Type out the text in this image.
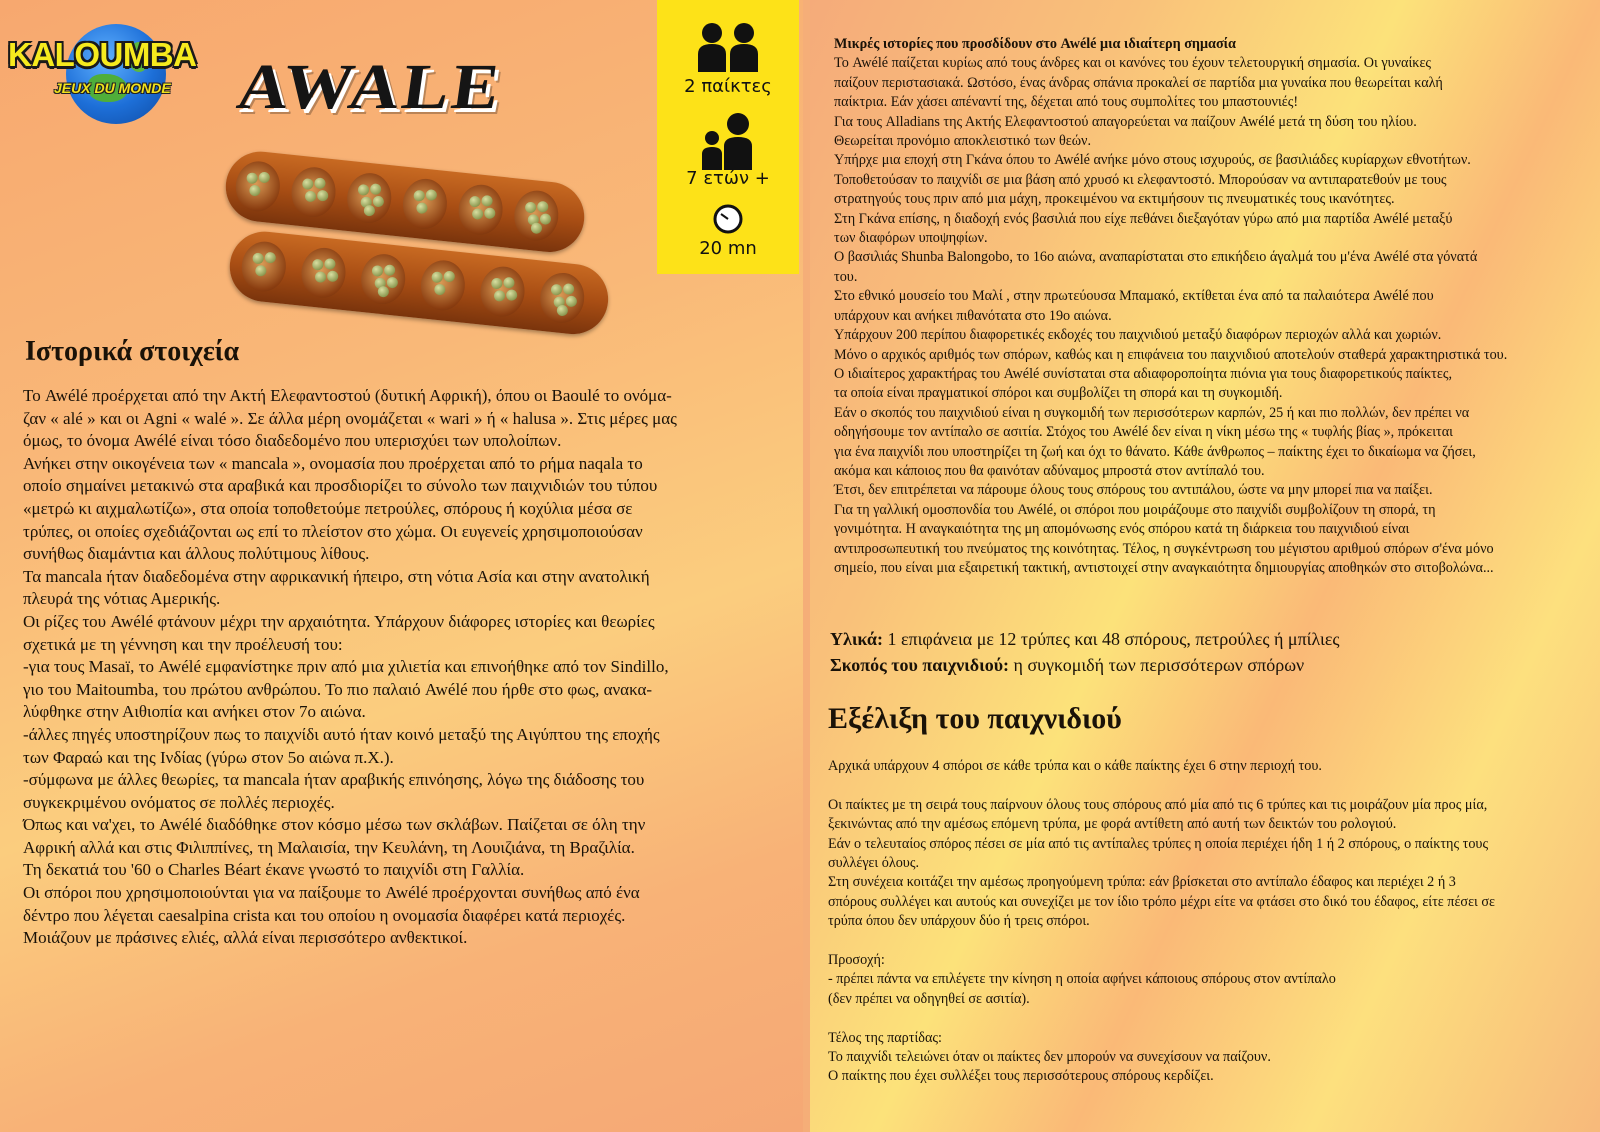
KALOUMBA
JEUX DU MONDE AWALE	2 παίκτες
7 ετών +
20 mn
Ιστορικά στοιχεία

Το Awélé προέρχεται από την Ακτή Ελεφαντοστού (δυτική Αφρική), όπου οι Baoulé το ονόμα-

ζαν « alé » και οι Agni « walé ». Σε άλλα μέρη ονομάζεται « wari » ή « halusa ». Στις μέρες μας

όμως, το όνομα Awélé είναι τόσο διαδεδομένο που υπερισχύει των υπολοίπων.

Ανήκει στην οικογένεια των « mancala », ονομασία που προέρχεται από το ρήμα naqala το

οποίο σημαίνει μετακινώ στα αραβικά και προσδιορίζει το σύνολο των παιχνιδιών του τύπου

«μετρώ κι αιχμαλωτίζω», στα οποία τοποθετούμε πετρούλες, σπόρους ή κοχύλια μέσα σε

τρύπες, οι οποίες σχεδιάζονται ως επί το πλείστον στο χώμα. Οι ευγενείς χρησιμοποιούσαν

συνήθως διαμάντια και άλλους πολύτιμους λίθους.

Τα mancala ήταν διαδεδομένα στην αφρικανική ήπειρο, στη νότια Ασία και στην ανατολική

πλευρά της νότιας Αμερικής.

Οι ρίζες του Awélé φτάνουν μέχρι την αρχαιότητα. Υπάρχουν διάφορες ιστορίες και θεωρίες

σχετικά με τη γέννηση και την προέλευσή του:

-για τους Masaï, το Awélé εμφανίστηκε πριν από μια χιλιετία και επινοήθηκε από τον Sindillo,

γιο του Maitoumba, του πρώτου ανθρώπου. Το πιο παλαιό Awélé που ήρθε στο φως, ανακα-

λύφθηκε στην Αιθιοπία και ανήκει στον 7ο αιώνα.

-άλλες πηγές υποστηρίζουν πως το παιχνίδι αυτό ήταν κοινό μεταξύ της Αιγύπτου της εποχής

των Φαραώ και της Ινδίας (γύρω στον 5ο αιώνα π.Χ.).

-σύμφωνα με άλλες θεωρίες, τα mancala ήταν αραβικής επινόησης, λόγω της διάδοσης του

συγκεκριμένου ονόματος σε πολλές περιοχές.

Όπως και να'χει, το Awélé διαδόθηκε στον κόσμο μέσω των σκλάβων. Παίζεται σε όλη την

Αφρική αλλά και στις Φιλιππίνες, τη Μαλαισία, την Κευλάνη, τη Λουιζιάνα, τη Βραζιλία.

Τη δεκατιά του '60 ο Charles Béart έκανε γνωστό το παιχνίδι στη Γαλλία.

Οι σπόροι που χρησιμοποιούνται για να παίξουμε το Awélé προέρχονται συνήθως από ένα

δέντρο που λέγεται caesalpina crista και του οποίου η ονομασία διαφέρει κατά περιοχές.

Μοιάζουν με πράσινες ελιές, αλλά είναι περισσότερο ανθεκτικοί.

Μικρές ιστορίες που προσδίδουν στο Awélé μια ιδιαίτερη σημασία

Το Awélé παίζεται κυρίως από τους άνδρες και οι κανόνες του έχουν τελετουργική σημασία. Οι γυναίκες

παίζουν περιστασιακά. Ωστόσο, ένας άνδρας σπάνια προκαλεί σε παρτίδα μια γυναίκα που θεωρείται καλή

παίκτρια. Εάν χάσει απέναντί της, δέχεται από τους συμπολίτες του μπαστουνιές!

Για τους Alladians της Ακτής Ελεφαντοστού απαγορεύεται να παίζουν Awélé μετά τη δύση του ηλίου.

Θεωρείται προνόμιο αποκλειστικό των θεών.

Υπήρχε μια εποχή στη Γκάνα όπου το Awélé ανήκε μόνο στους ισχυρούς, σε βασιλιάδες κυρίαρχων εθνοτήτων.

Τοποθετούσαν το παιχνίδι σε μια βάση από χρυσό κι ελεφαντοστό. Μπορούσαν να αντιπαρατεθούν με τους

στρατηγούς τους πριν από μια μάχη, προκειμένου να εκτιμήσουν τις πνευματικές τους ικανότητες.

Στη Γκάνα επίσης, η διαδοχή ενός βασιλιά που είχε πεθάνει διεξαγόταν γύρω από μια παρτίδα Awélé μεταξύ

των διαφόρων υποψηφίων.

Ο βασιλιάς Shunba Balongobo, το 16ο αιώνα, αναπαρίσταται στο επικήδειο άγαλμά του μ'ένα Awélé στα γόνατά

του.

Στο εθνικό μουσείο του Μαλί , στην πρωτεύουσα Μπαμακό, εκτίθεται ένα από τα παλαιότερα Awélé που

υπάρχουν και ανήκει πιθανότατα στο 19ο αιώνα.

Υπάρχουν 200 περίπου διαφορετικές εκδοχές του παιχνιδιού μεταξύ διαφόρων περιοχών αλλά και χωριών.

Μόνο ο αρχικός αριθμός των σπόρων, καθώς και η επιφάνεια του παιχνιδιού αποτελούν σταθερά χαρακτηριστικά του.

Ο ιδιαίτερος χαρακτήρας του Awélé συνίσταται στα αδιαφοροποίητα πιόνια για τους διαφορετικούς παίκτες,

τα οποία είναι πραγματικοί σπόροι και συμβολίζει τη σπορά και τη συγκομιδή.

Εάν ο σκοπός του παιχνιδιού είναι η συγκομιδή των περισσότερων καρπών, 25 ή και πιο πολλών, δεν πρέπει να

οδηγήσουμε τον αντίπαλο σε ασιτία. Στόχος του Awélé δεν είναι η νίκη μέσω της « τυφλής βίας », πρόκειται

για ένα παιχνίδι που υποστηρίζει τη ζωή και όχι το θάνατο. Κάθε άνθρωπος – παίκτης έχει το δικαίωμα να ζήσει,

ακόμα και κάποιος που θα φαινόταν αδύναμος μπροστά στον αντίπαλό του.

Έτσι, δεν επιτρέπεται να πάρουμε όλους τους σπόρους του αντιπάλου, ώστε να μην μπορεί πια να παίξει.

Για τη γαλλική ομοσπονδία του Awélé, οι σπόροι που μοιράζουμε στο παιχνίδι συμβολίζουν τη σπορά, τη

γονιμότητα. Η αναγκαιότητα της μη απομόνωσης ενός σπόρου κατά τη διάρκεια του παιχνιδιού είναι

αντιπροσωπευτική του πνεύματος της κοινότητας. Τέλος, η συγκέντρωση του μέγιστου αριθμού σπόρων σ'ένα μόνο

σημείο, που είναι μια εξαιρετική τακτική, αντιστοιχεί στην αναγκαιότητα δημιουργίας αποθηκών στο σιτοβολώνα...

Υλικά: 1 επιφάνεια με 12 τρύπες και 48 σπόρους, πετρούλες ή μπίλιες

Σκοπός του παιχνιδιού: η συγκομιδή των περισσότερων σπόρων

Εξέλιξη του παιχνιδιού

Αρχικά υπάρχουν 4 σπόροι σε κάθε τρύπα και ο κάθε παίκτης έχει 6 στην περιοχή του.

Οι παίκτες με τη σειρά τους παίρνουν όλους τους σπόρους από μία από τις 6 τρύπες και τις μοιράζουν μία προς μία,

ξεκινώντας από την αμέσως επόμενη τρύπα, με φορά αντίθετη από αυτή των δεικτών του ρολογιού.

Εάν ο τελευταίος σπόρος πέσει σε μία από τις αντίπαλες τρύπες η οποία περιέχει ήδη 1 ή 2 σπόρους, ο παίκτης τους

συλλέγει όλους.

Στη συνέχεια κοιτάζει την αμέσως προηγούμενη τρύπα: εάν βρίσκεται στο αντίπαλο έδαφος και περιέχει 2 ή 3

σπόρους συλλέγει και αυτούς και συνεχίζει με τον ίδιο τρόπο μέχρι είτε να φτάσει στο δικό του έδαφος, είτε πέσει σε

τρύπα όπου δεν υπάρχουν δύο ή τρεις σπόροι.

Προσοχή:

- πρέπει πάντα να επιλέγετε την κίνηση η οποία αφήνει κάποιους σπόρους στον αντίπαλο

(δεν πρέπει να οδηγηθεί σε ασιτία).

Τέλος της παρτίδας:

Το παιχνίδι τελειώνει όταν οι παίκτες δεν μπορούν να συνεχίσουν να παίζουν.

Ο παίκτης που έχει συλλέξει τους περισσότερους σπόρους κερδίζει.
